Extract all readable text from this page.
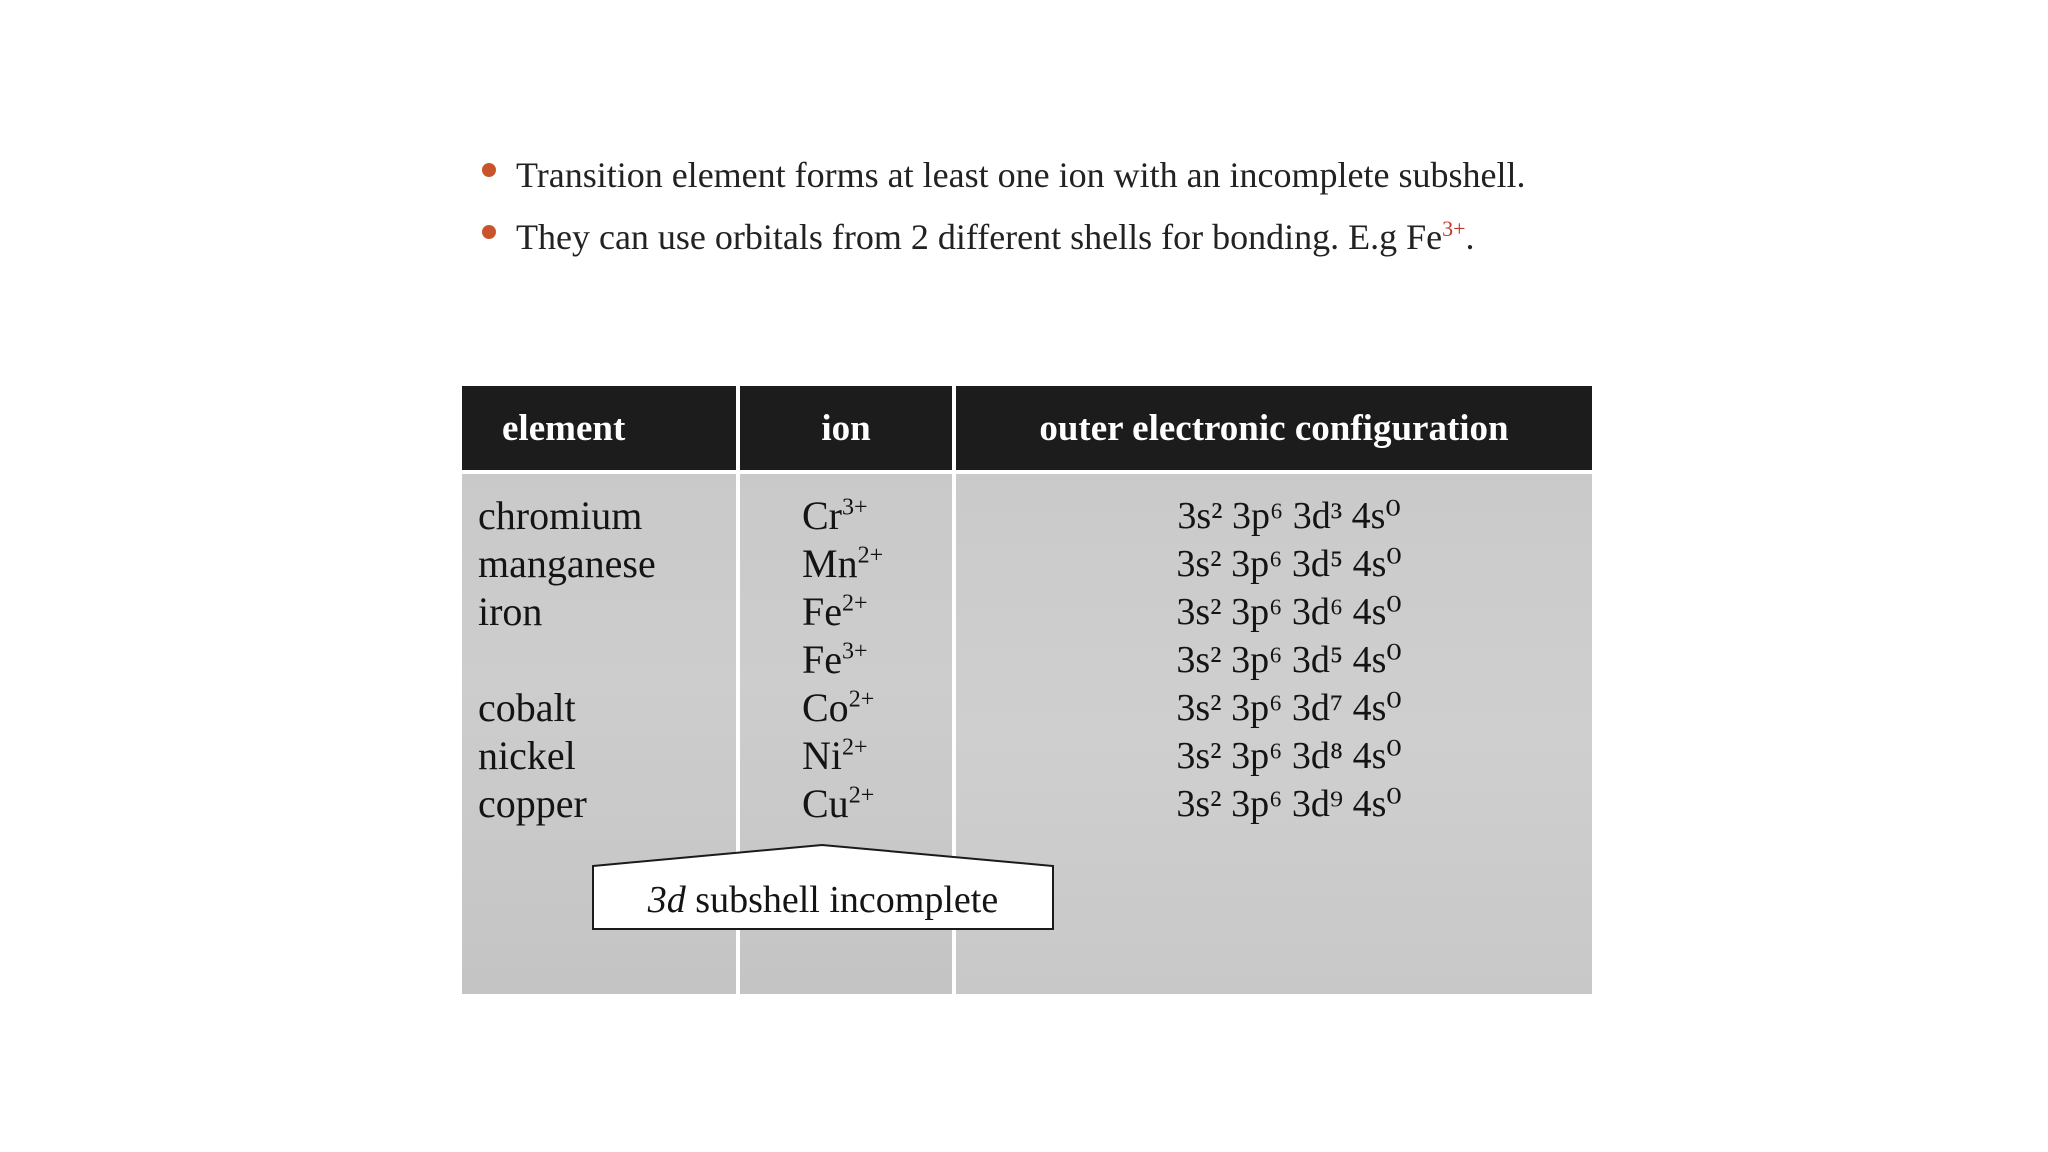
Transition element forms at least one ion with an incomplete subshell.
They can use orbitals from 2 different shells for bonding. E.g $Fe^{3+}$.
element
chromium
manganese
iron
cobalt
nickel
copper
ion
$Cr^{3+}$
$Mn^{2+}$
$Fe^{2+}$
$Fe^{3+}$
$Co^{2+}$
$Ni^{2+}$
$Cu^{2+}$
outer electronic configuration
3s² 3p⁶ 3d³ 4s⁰
3s² 3p⁶ 3d⁵ 4s⁰
3s² 3p⁶ 3d⁶ 4s⁰
3s² 3p⁶ 3d⁵ 4s⁰
3s² 3p⁶ 3d⁷ 4s⁰
3s² 3p⁶ 3d⁸ 4s⁰
3s² 3p⁶ 3d⁹ 4s⁰
3d subshell incomplete
